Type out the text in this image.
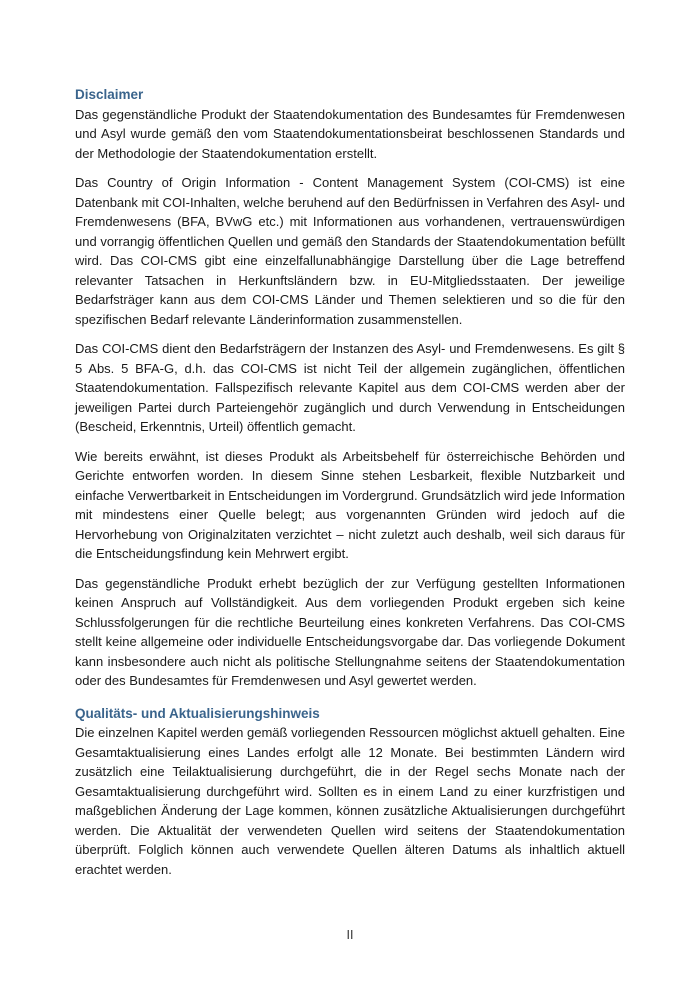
Disclaimer

Das gegenständliche Produkt der Staatendokumentation des Bundesamtes für Fremdenwesen und Asyl wurde gemäß den vom Staatendokumentationsbeirat beschlossenen Standards und der Methodologie der Staatendokumentation erstellt.

Das Country of Origin Information - Content Management System (COI-CMS) ist eine Datenbank mit COI-Inhalten, welche beruhend auf den Bedürfnissen in Verfahren des Asyl- und Fremdenwesens (BFA, BVwG etc.) mit Informationen aus vorhandenen, vertrauenswürdigen und vorrangig öffentlichen Quellen und gemäß den Standards der Staatendokumentation befüllt wird. Das COI-CMS gibt eine einzelfallunabhängige Darstellung über die Lage betreffend relevanter Tatsachen in Herkunftsländern bzw. in EU-Mitgliedsstaaten. Der jeweilige Bedarfsträger kann aus dem COI-CMS Länder und Themen selektieren und so die für den spezifischen Bedarf relevante Länderinformation zusammenstellen.

Das COI-CMS dient den Bedarfsträgern der Instanzen des Asyl- und Fremdenwesens. Es gilt § 5 Abs. 5 BFA-G, d.h. das COI-CMS ist nicht Teil der allgemein zugänglichen, öffentlichen Staatendokumentation. Fallspezifisch relevante Kapitel aus dem COI-CMS werden aber der jeweiligen Partei durch Parteiengehör zugänglich und durch Verwendung in Entscheidungen (Bescheid, Erkenntnis, Urteil) öffentlich gemacht.

Wie bereits erwähnt, ist dieses Produkt als Arbeitsbehelf für österreichische Behörden und Gerichte entworfen worden. In diesem Sinne stehen Lesbarkeit, flexible Nutzbarkeit und einfache Verwertbarkeit in Entscheidungen im Vordergrund. Grundsätzlich wird jede Information mit mindestens einer Quelle belegt; aus vorgenannten Gründen wird jedoch auf die Hervorhebung von Originalzitaten verzichtet – nicht zuletzt auch deshalb, weil sich daraus für die Entscheidungsfindung kein Mehrwert ergibt.

Das gegenständliche Produkt erhebt bezüglich der zur Verfügung gestellten Informationen keinen Anspruch auf Vollständigkeit. Aus dem vorliegenden Produkt ergeben sich keine Schlussfolgerungen für die rechtliche Beurteilung eines konkreten Verfahrens. Das COI-CMS stellt keine allgemeine oder individuelle Entscheidungsvorgabe dar. Das vorliegende Dokument kann insbesondere auch nicht als politische Stellungnahme seitens der Staatendokumentation oder des Bundesamtes für Fremdenwesen und Asyl gewertet werden.

Qualitäts- und Aktualisierungshinweis

Die einzelnen Kapitel werden gemäß vorliegenden Ressourcen möglichst aktuell gehalten. Eine Gesamtaktualisierung eines Landes erfolgt alle 12 Monate. Bei bestimmten Ländern wird zusätzlich eine Teilaktualisierung durchgeführt, die in der Regel sechs Monate nach der Gesamtaktualisierung durchgeführt wird. Sollten es in einem Land zu einer kurzfristigen und maßgeblichen Änderung der Lage kommen, können zusätzliche Aktualisierungen durchgeführt werden. Die Aktualität der verwendeten Quellen wird seitens der Staatendokumentation überprüft. Folglich können auch verwendete Quellen älteren Datums als inhaltlich aktuell erachtet werden.

II
